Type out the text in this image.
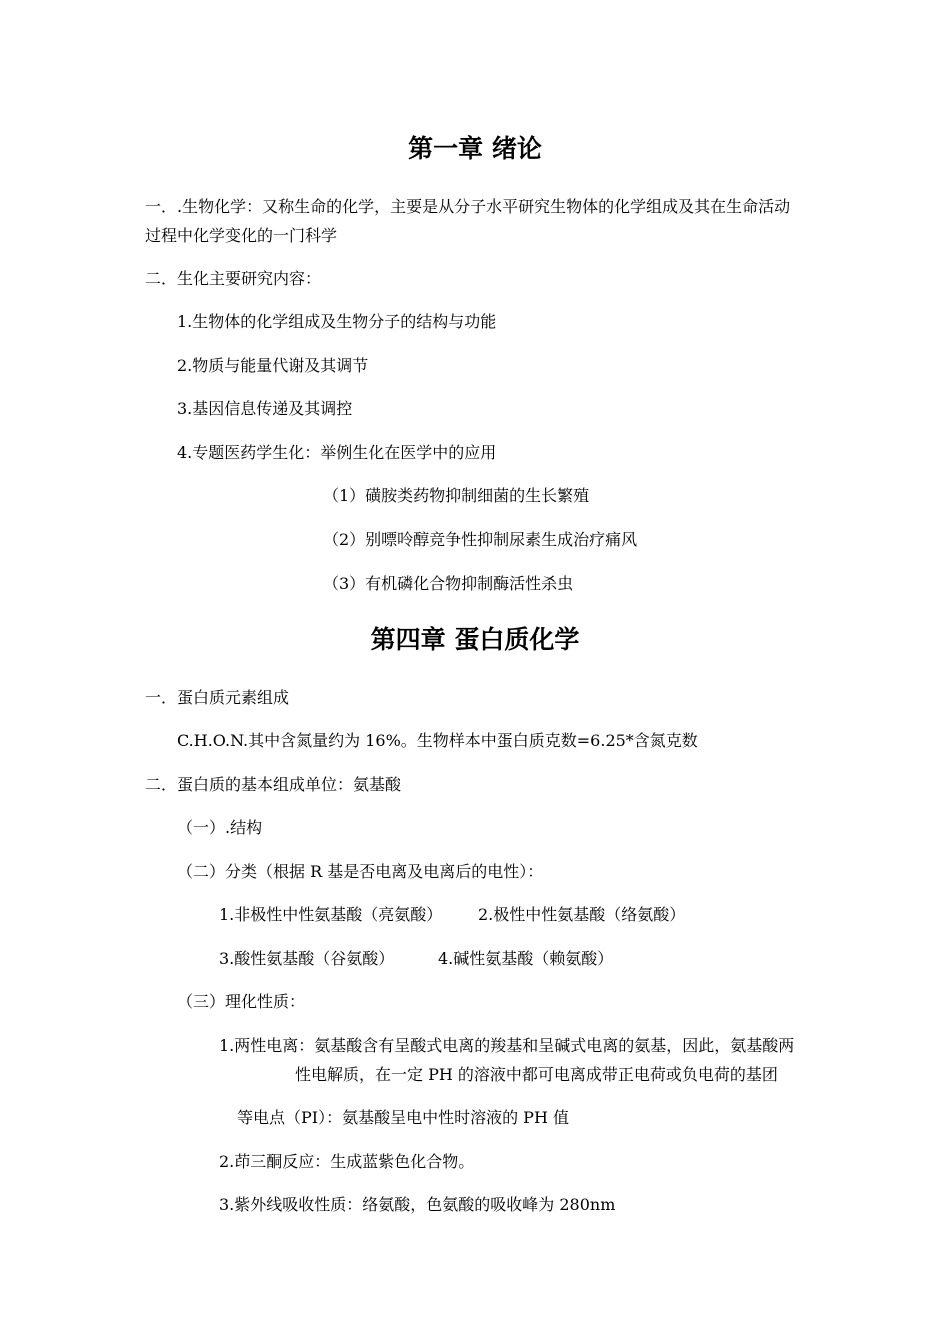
第一章 绪论
一．.生物化学：又称生命的化学，主要是从分子水平研究生物体的化学组成及其在生命活动
过程中化学变化的一门科学
二．生化主要研究内容：
1.生物体的化学组成及生物分子的结构与功能
2.物质与能量代谢及其调节
3.基因信息传递及其调控
4.专题医药学生化：举例生化在医学中的应用
（1）磺胺类药物抑制细菌的生长繁殖
（2）别嘌呤醇竞争性抑制尿素生成治疗痛风
（3）有机磷化合物抑制酶活性杀虫
第四章 蛋白质化学
一．蛋白质元素组成
C.H.O.N.其中含氮量约为 16%。生物样本中蛋白质克数=6.25*含氮克数
二．蛋白质的基本组成单位：氨基酸
（一）.结构
（二）分类（根据 R 基是否电离及电离后的电性）：
1.非极性中性氨基酸（亮氨酸） 2.极性中性氨基酸（络氨酸）
3.酸性氨基酸（谷氨酸）	4.碱性氨基酸（赖氨酸）
（三）理化性质：
1.两性电离：氨基酸含有呈酸式电离的羧基和呈碱式电离的氨基，因此，氨基酸两
性电解质，在一定 PH 的溶液中都可电离成带正电荷或负电荷的基团
等电点（PI）：氨基酸呈电中性时溶液的 PH 值
2.茚三酮反应：生成蓝紫色化合物。
3.紫外线吸收性质：络氨酸，色氨酸的吸收峰为 280nm
